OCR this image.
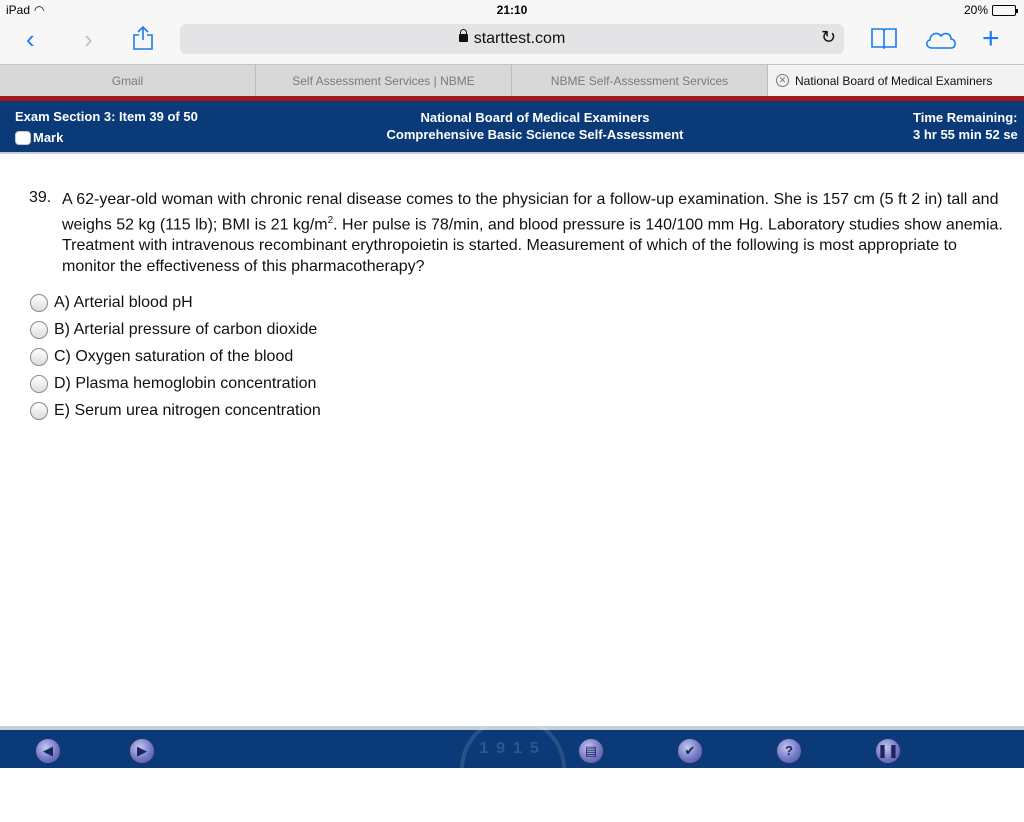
iPad ◠	21:10	20%
‹ ›	starttest.com	↻	+
Gmail	Self Assessment Services | NBME	NBME Self-Assessment Services	✕ National Board of Medical Examiners
Exam Section 3: Item 39 of 50
Mark
National Board of Medical Examiners
Comprehensive Basic Science Self-Assessment
Time Remaining:
3 hr 55 min 52 se
39. A 62-year-old woman with chronic renal disease comes to the physician for a follow-up examination. She is 157 cm (5 ft 2 in) tall and weighs 52 kg (115 lb); BMI is 21 $kg/m^2$. Her pulse is 78/min, and blood pressure is 140/100 mm Hg. Laboratory studies show anemia. Treatment with intravenous recombinant erythropoietin is started. Measurement of which of the following is most appropriate to monitor the effectiveness of this pharmacotherapy?
A) Arterial blood pH
B) Arterial pressure of carbon dioxide
C) Oxygen saturation of the blood
D) Plasma hemoglobin concentration
E) Serum urea nitrogen concentration
1915
◀
Previous
▶
Next
▤
Lab Values
✔
Review
?
Help
❚❚
Pause
